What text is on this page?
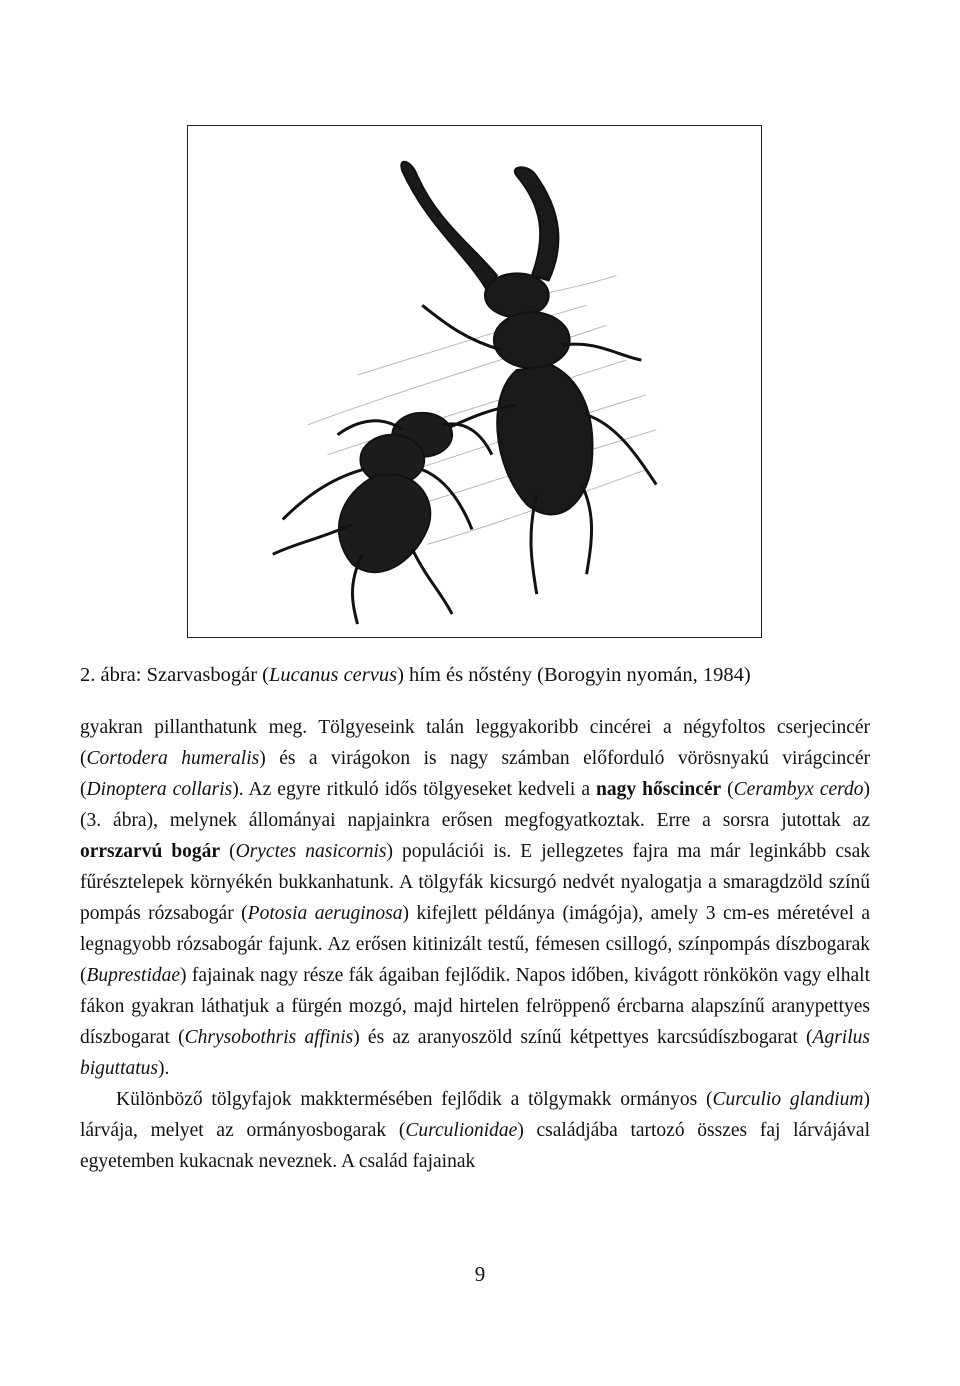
2. ábra: Szarvasbogár (Lucanus cervus) hím és nőstény (Borogyin nyomán, 1984)

gyakran pillanthatunk meg. Tölgyeseink talán leggyakoribb cincérei a négyfoltos cserjecincér (Cortodera humeralis) és a virágokon is nagy számban előforduló vörösnyakú virágcincér (Dinoptera collaris). Az egyre ritkuló idős tölgyeseket kedveli a nagy hőscincér (Cerambyx cerdo) (3. ábra), melynek állományai napjainkra erősen megfogyatkoztak. Erre a sorsra jutottak az orrszarvú bogár (Oryctes nasicornis) populációi is. E jellegzetes fajra ma már leginkább csak fűrésztelepek környékén bukkanhatunk. A tölgyfák kicsurgó nedvét nyalogatja a smaragdzöld színű pompás rózsabogár (Potosia aeruginosa) kifejlett példánya (imágója), amely 3 cm-es méretével a legnagyobb rózsabogár fajunk. Az erősen kitinizált testű, fémesen csillogó, színpompás díszbogarak (Buprestidae) fajainak nagy része fák ágaiban fejlődik. Napos időben, kivágott rönkökön vagy elhalt fákon gyakran láthatjuk a fürgén mozgó, majd hirtelen felröppenő ércbarna alapszínű aranypettyes díszbogarat (Chrysobothris affinis) és az aranyoszöld színű kétpettyes karcsúdíszbogarat (Agrilus biguttatus).

Különböző tölgyfajok makktermésében fejlődik a tölgymakk ormányos (Curculio glandium) lárvája, melyet az ormányosbogarak (Curculionidae) családjába tartozó összes faj lárvájával egyetemben kukacnak neveznek. A család fajainak

9
